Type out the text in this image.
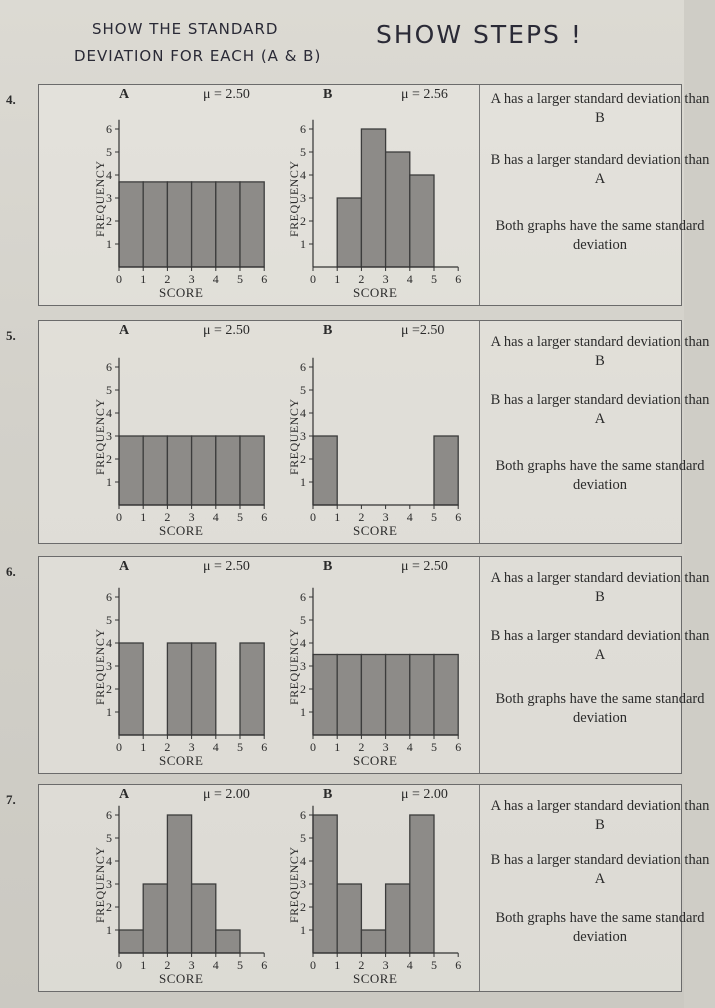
SHOW THE STANDARD
DEVIATION FOR EACH (A & B)
SHOW STEPS !
A has a larger standard deviation than B
B has a larger standard deviation than A
Both graphs have the same standard deviation
A	μ = 2.50
FREQUENCY
SCORE
1
2
3
4
5
6
0 1 2 3 4 5 6
B	μ = 2.56
FREQUENCY
SCORE
1
2
3
4
5
6
0 1 2 3 4 5 6
4.
A has a larger standard deviation than B
B has a larger standard deviation than A
Both graphs have the same standard deviation
A	μ = 2.50
FREQUENCY
SCORE
1
2
3
4
5
6
0 1 2 3 4 5 6
B	μ =2.50
FREQUENCY
SCORE
1
2
3
4
5
6
0 1 2 3 4 5 6
5.
A has a larger standard deviation than B
B has a larger standard deviation than A
Both graphs have the same standard deviation
A	μ = 2.50
FREQUENCY
SCORE
1
2
3
4
5
6
0 1 2 3 4 5 6
B	μ = 2.50
FREQUENCY
SCORE
1
2
3
4
5
6
0 1 2 3 4 5 6
6.
A has a larger standard deviation than B
B has a larger standard deviation than A
Both graphs have the same standard deviation
A	μ = 2.00
FREQUENCY
SCORE
1
2
3
4
5
6
0 1 2 3 4 5 6
B	μ = 2.00
FREQUENCY
SCORE
1
2
3
4
5
6
0 1 2 3 4 5 6
7.
